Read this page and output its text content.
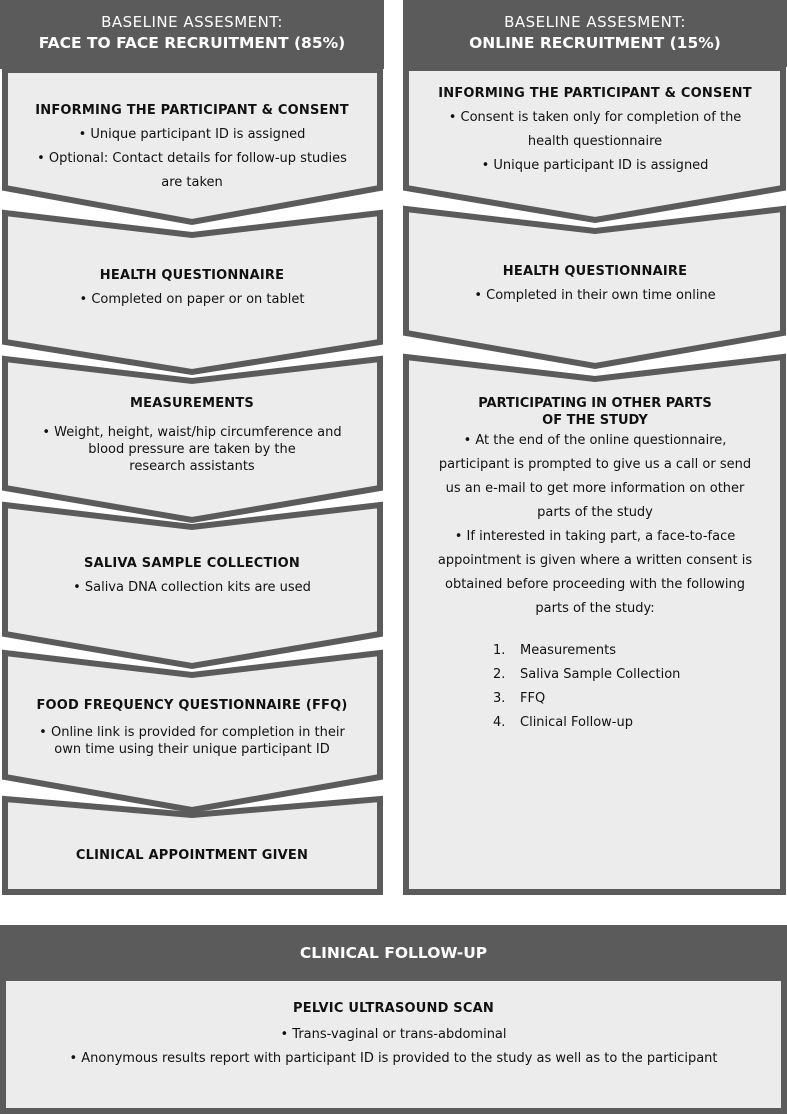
BASELINE ASSESMENT:
FACE TO FACE RECRUITMENT (85%)
BASELINE ASSESMENT:
ONLINE RECRUITMENT (15%)
INFORMING THE PARTICIPANT & CONSENT
• Unique participant ID is assigned
• Optional: Contact details for follow-up studies
are taken
HEALTH QUESTIONNAIRE
• Completed on paper or on tablet
MEASUREMENTS
• Weight, height, waist/hip circumference and
blood pressure are taken by the
research assistants
SALIVA SAMPLE COLLECTION
• Saliva DNA collection kits are used
FOOD FREQUENCY QUESTIONNAIRE (FFQ)
• Online link is provided for completion in their
own time using their unique participant ID
CLINICAL APPOINTMENT GIVEN
INFORMING THE PARTICIPANT & CONSENT
• Consent is taken only for completion of the
health questionnaire
• Unique participant ID is assigned
HEALTH QUESTIONNAIRE
• Completed in their own time online
PARTICIPATING IN OTHER PARTS
OF THE STUDY
• At the end of the online questionnaire,
participant is prompted to give us a call or send
us an e-mail to get more information on other
parts of the study
• If interested in taking part, a face-to-face
appointment is given where a written consent is
obtained before proceeding with the following
parts of the study:
1.	Measurements
2.	Saliva Sample Collection
3.	FFQ
4.	Clinical Follow-up
CLINICAL FOLLOW-UP
PELVIC ULTRASOUND SCAN
• Trans-vaginal or trans-abdominal
• Anonymous results report with participant ID is provided to the study as well as to the participant
